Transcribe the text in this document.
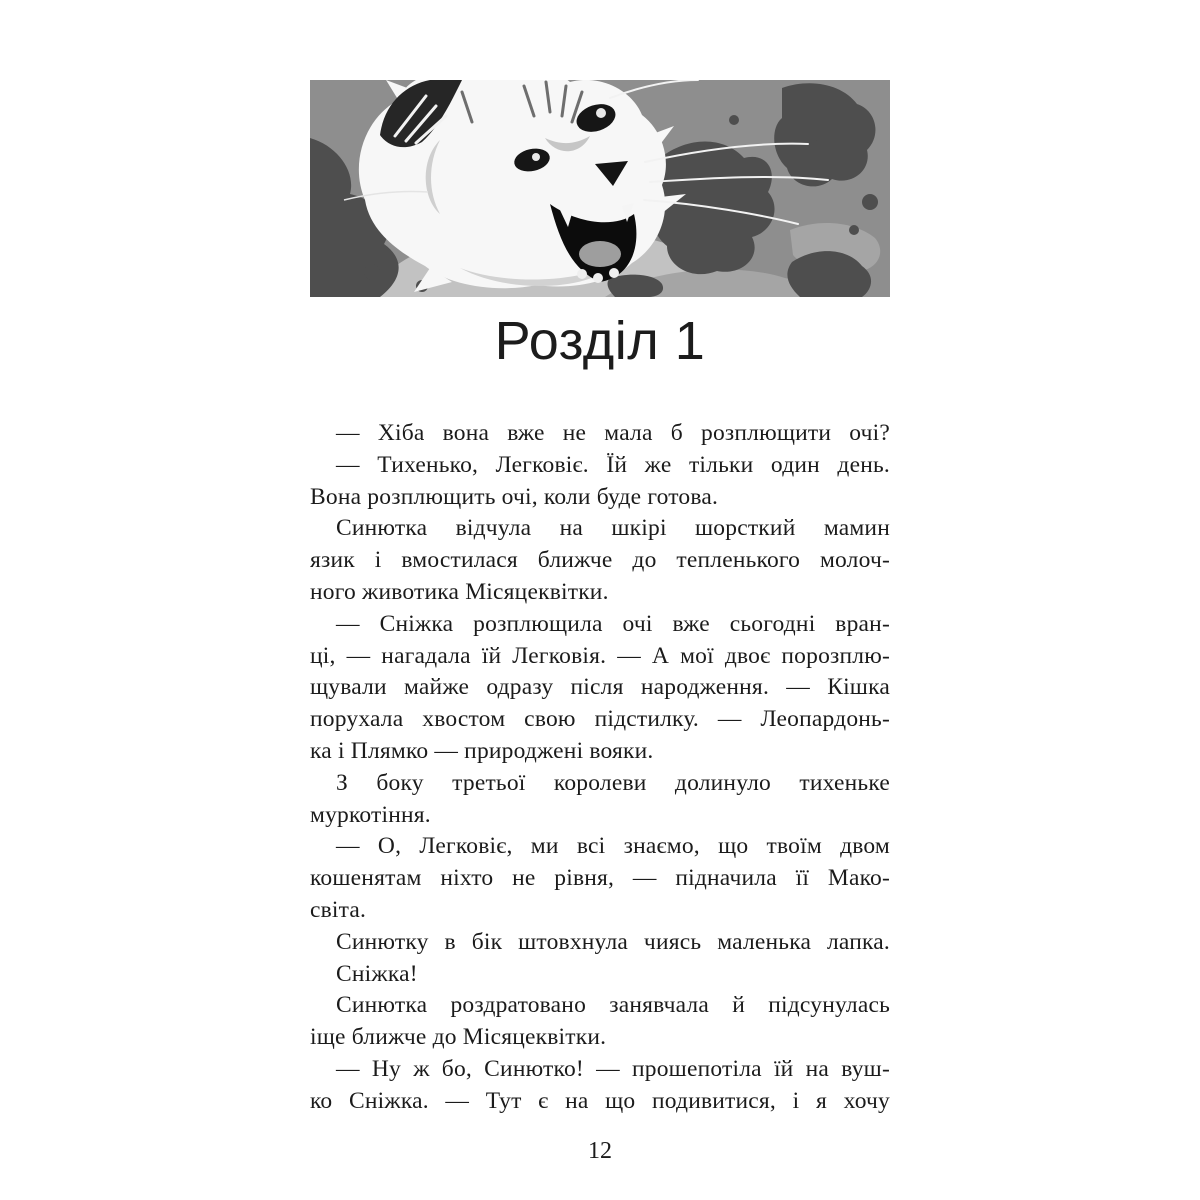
Розділ 1
— Хіба вона вже не мала б розплющити очі?
— Тихенько, Легковіє. Їй же тільки один день.
Вона розплющить очі, коли буде готова.
Синютка відчула на шкірі шорсткий мамин
язик і вмостилася ближче до тепленького молоч-
ного животика Місяцеквітки.
— Сніжка розплющила очі вже сьогодні вран-
ці, — нагадала їй Легковія. — А мої двоє порозплю-
щували майже одразу після народження. — Кішка
порухала хвостом свою підстилку. — Леопардонь-
ка і Плямко — природжені вояки.
З боку третьої королеви долинуло тихеньке
муркотіння.
— О, Легковіє, ми всі знаємо, що твоїм двом
кошенятам ніхто не рівня, — підначила її Мако-
світа.
Синютку в бік штовхнула чиясь маленька лапка.
Сніжка!
Синютка роздратовано занявчала й підсунулась
іще ближче до Місяцеквітки.
— Ну ж бо, Синютко! — прошепотіла їй на вуш-
ко Сніжка. — Тут є на що подивитися, і я хочу
12
